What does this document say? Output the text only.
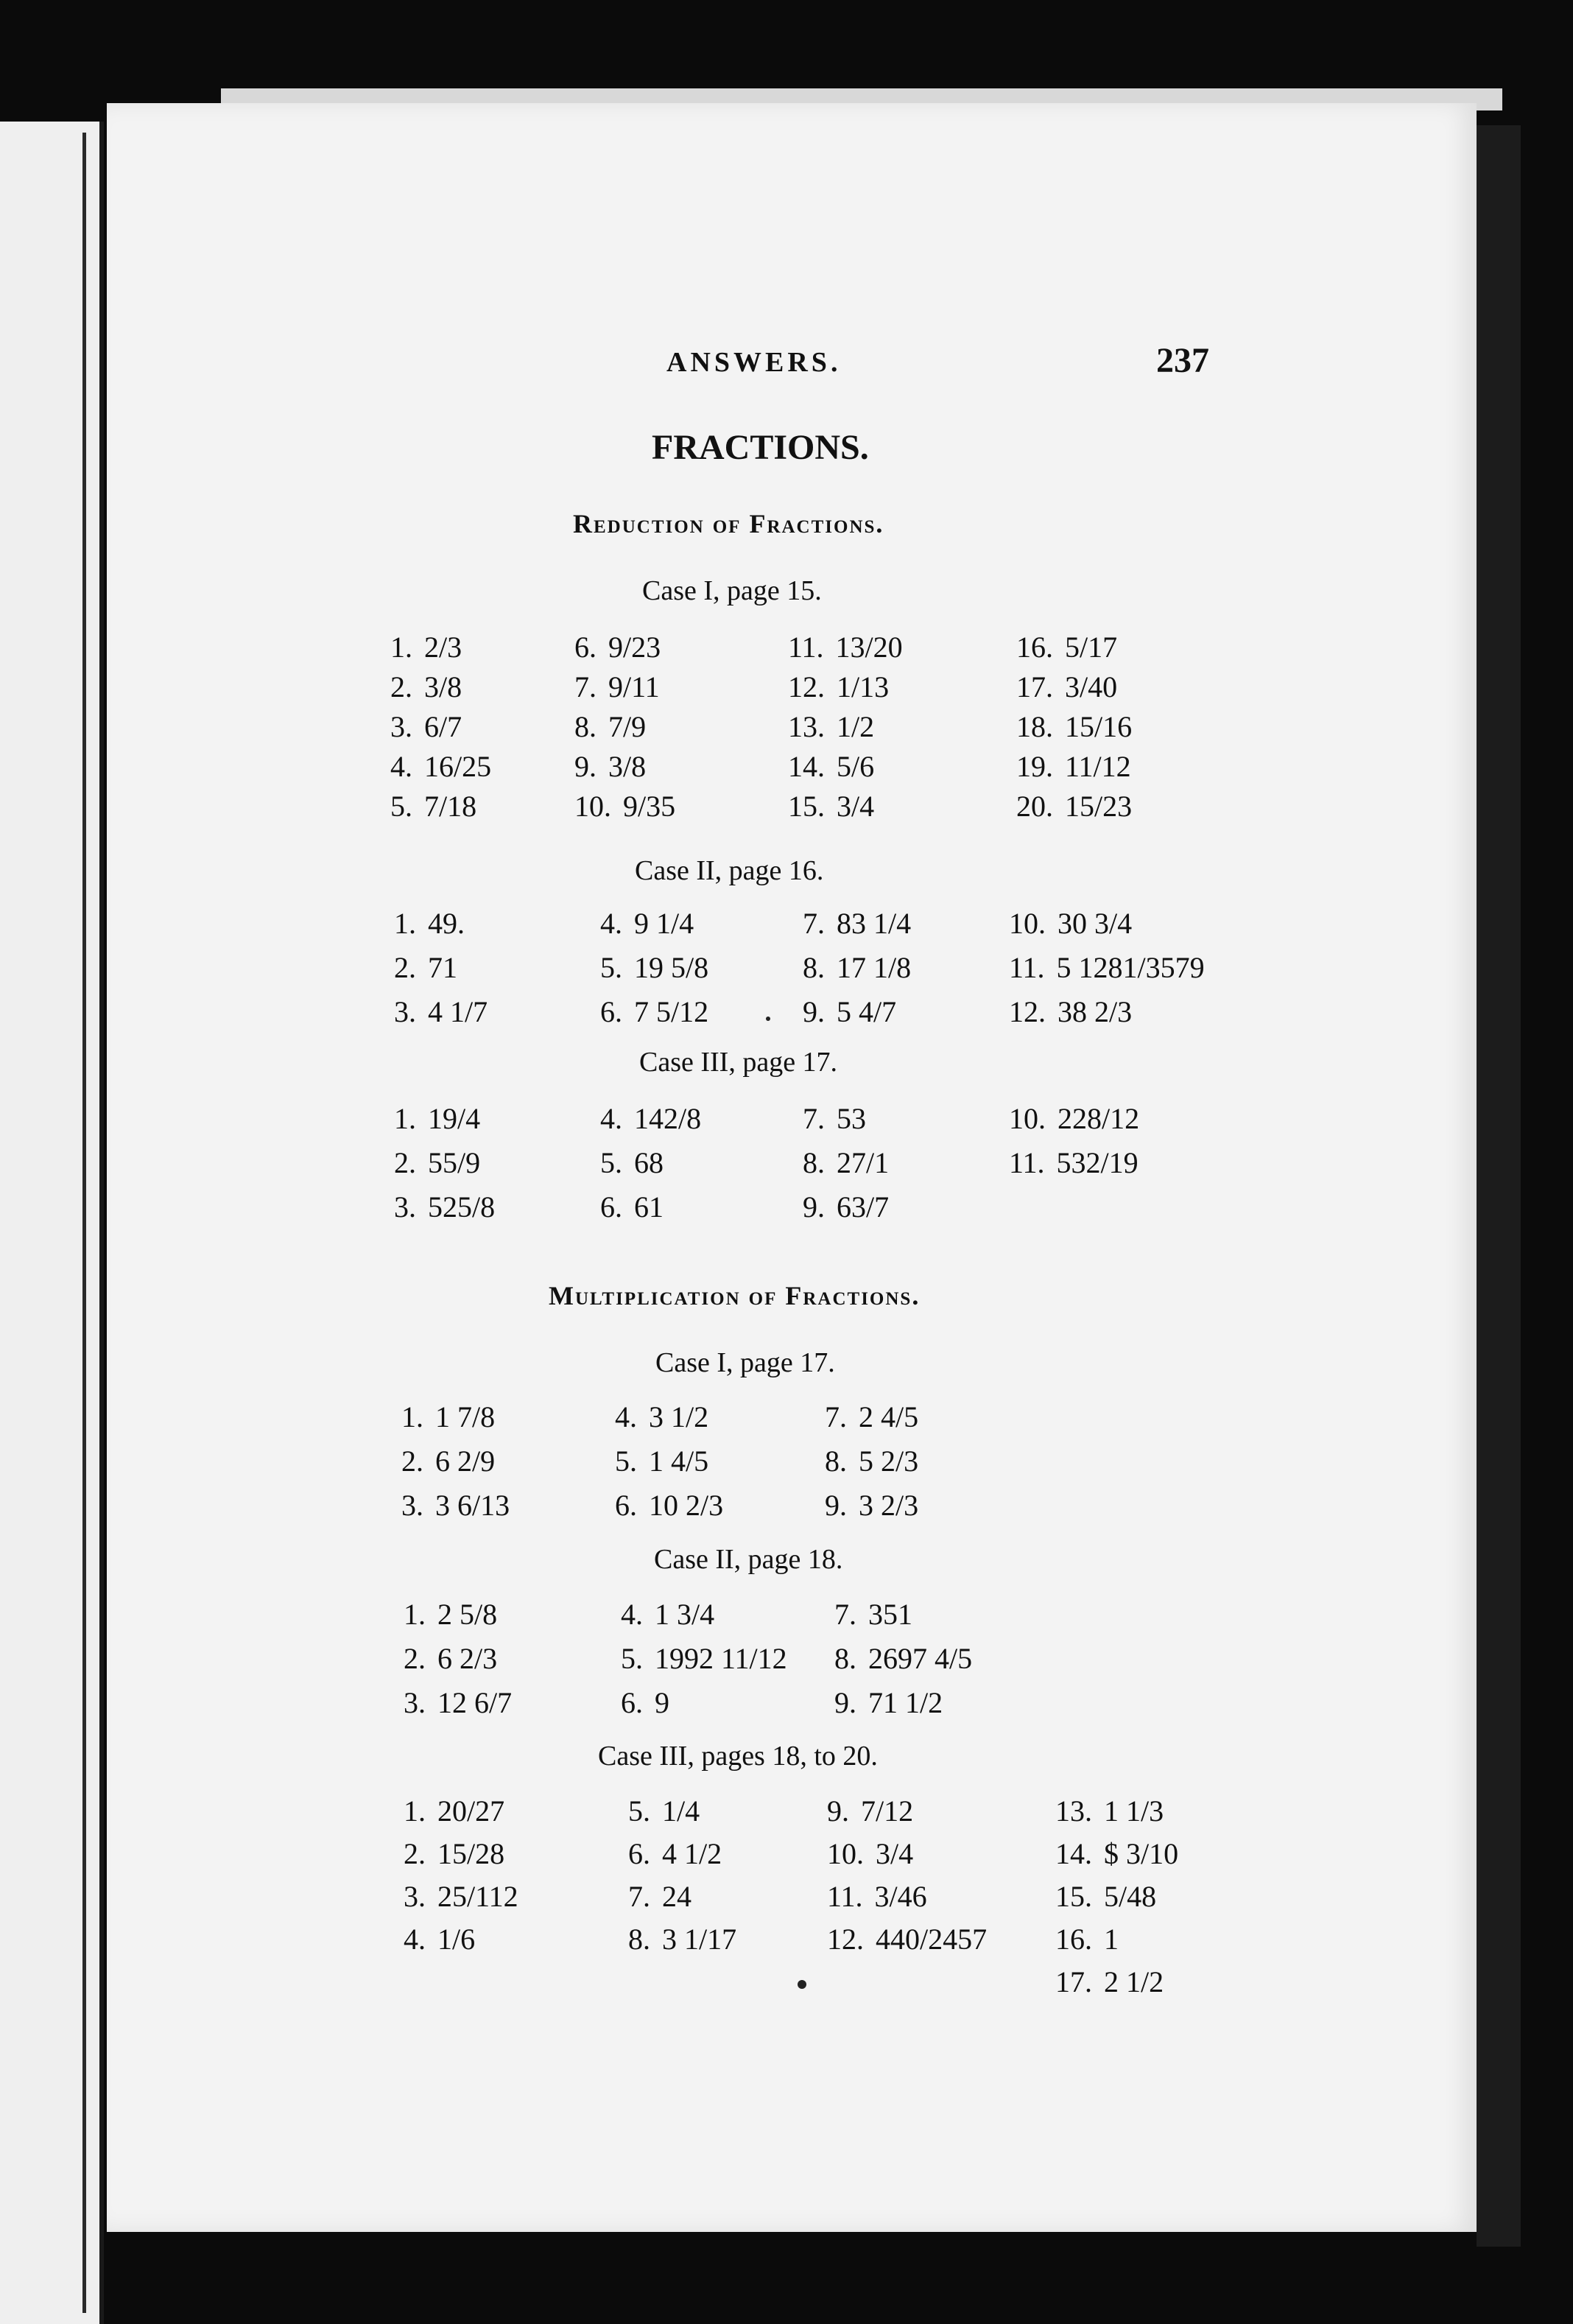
ANSWERS.	237
FRACTIONS.
Reduction of Fractions.
Case I, page 15.
1. 2/3
2. 3/8
3. 6/7
4. 16/25
5. 7/18
6. 9/23
7. 9/11
8. 7/9
9. 3/8
10. 9/35
11. 13/20
12. 1/13
13. 1/2
14. 5/6
15. 3/4
16. 5/17
17. 3/40
18. 15/16
19. 11/12
20. 15/23
Case II, page 16.
1. 49.
2. 71
3. 4 1/7
4. 9 1/4
5. 19 5/8
6. 7 5/12
7. 83 1/4
8. 17 1/8
9. 5 4/7
10. 30 3/4
11. 5 1281/3579
12. 38 2/3
Case III, page 17.
1. 19/4
2. 55/9
3. 525/8
4. 142/8
5. 68
6. 61
7. 53
8. 27/1
9. 63/7
10. 228/12
11. 532/19
Multiplication of Fractions.
Case I, page 17.
1. 1 7/8
2. 6 2/9
3. 3 6/13
4. 3 1/2
5. 1 4/5
6. 10 2/3
7. 2 4/5
8. 5 2/3
9. 3 2/3
Case II, page 18.
1. 2 5/8
2. 6 2/3
3. 12 6/7
4. 1 3/4
5. 1992 11/12
6. 9
7. 351
8. 2697 4/5
9. 71 1/2
Case III, pages 18, to 20.
1. 20/27
2. 15/28
3. 25/112
4. 1/6
5. 1/4
6. 4 1/2
7. 24
8. 3 1/17
9. 7/12
10. 3/4
11. 3/46
12. 440/2457
13. 1 1/3
14. $ 3/10
15. 5/48
16. 1
17. 2 1/2
